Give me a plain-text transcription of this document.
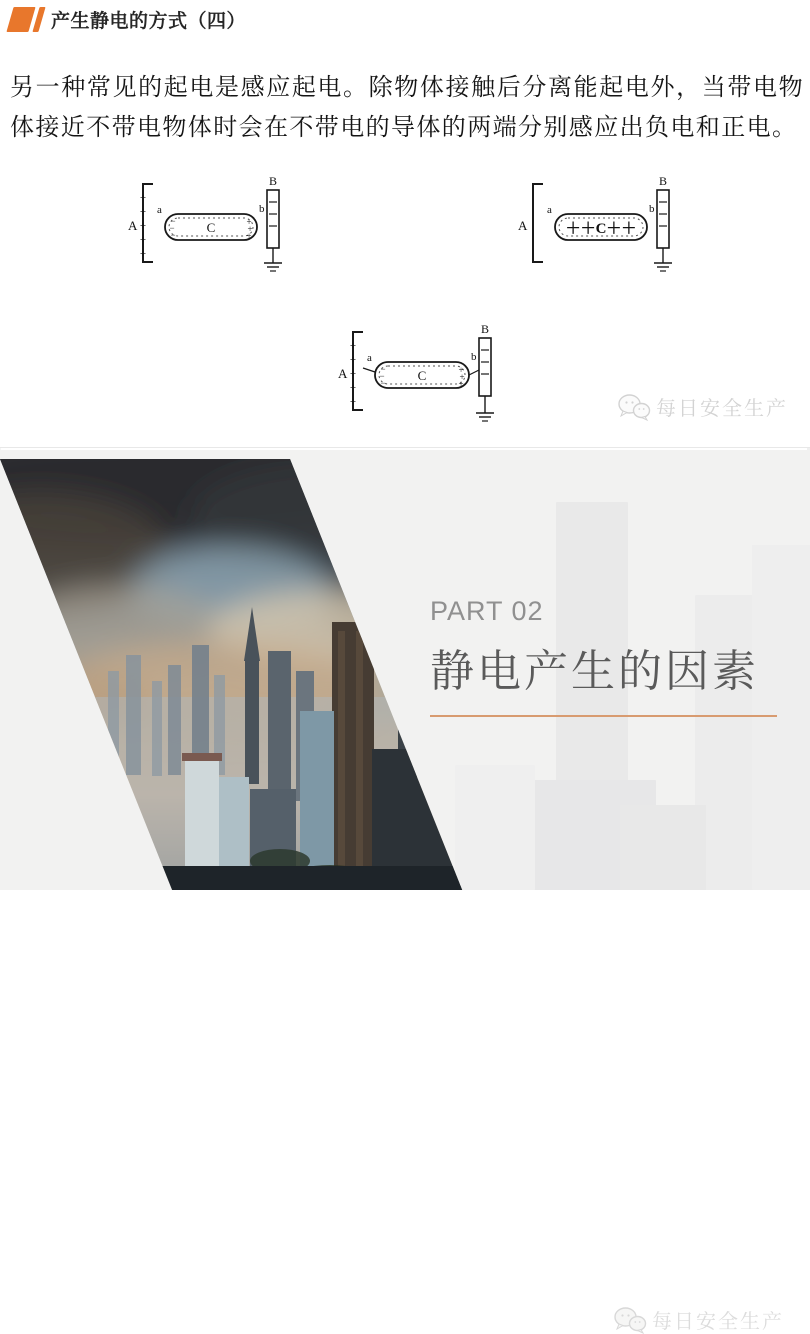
产生静电的方式（四）
另一种常见的起电是感应起电。除物体接触后分离能起电外，当带电物体接近不带电物体时会在不带电的导体的两端分别感应出负电和正电。
+
+
+
+
+
A
a
C
−
−
−
+
+
+
b
B
A
a
＋＋C＋＋
b
B
+
+
+
+
+
A
a
C
−
−
−
+
+
+
b
B
每日安全生产
PART 02
静电产生的因素
每日安全生产
